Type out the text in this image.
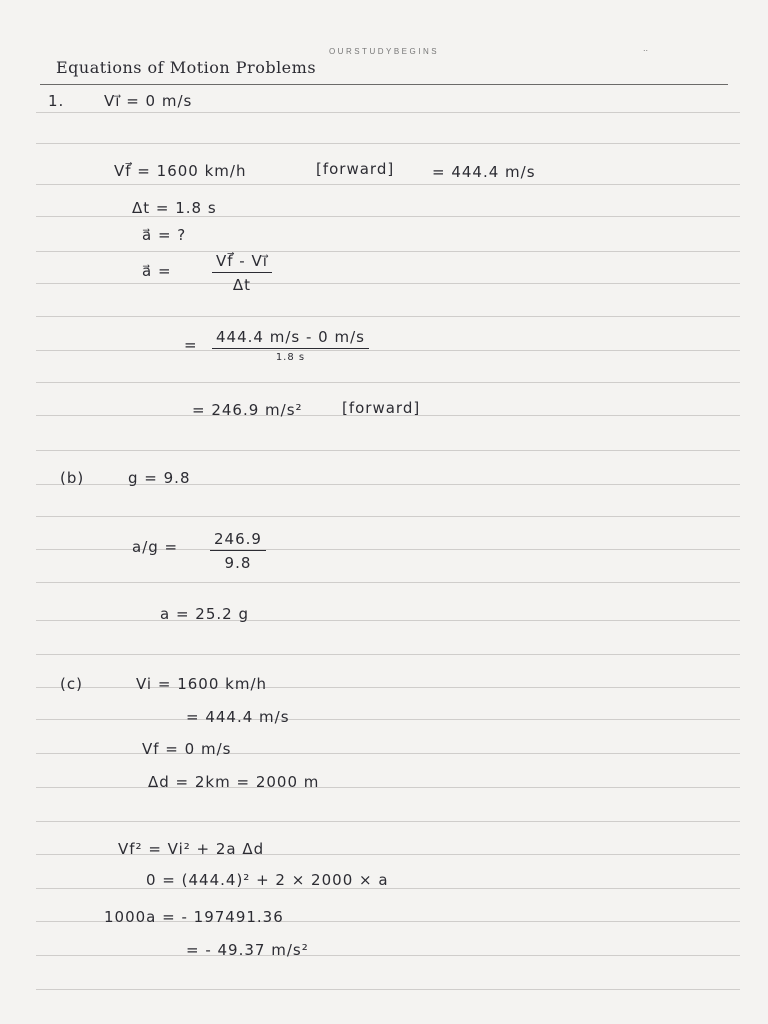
OURSTUDYBEGINS	..
Equations of Motion Problems
1.	Vi⃗ = 0 m/s
Vf⃗ = 1600 km/h	[forward]	= 444.4 m/s
Δt = 1.8 s
a⃗ = ?
a⃗ =
Vf⃗ - Vi⃗
Δt
= 444.4 m/s - 0 m/s
1.8 s
= 246.9 m/s²	[forward]
(b)	g = 9.8
a/g = 246.9
9.8
a = 25.2 g
(c)	Vi = 1600 km/h
= 444.4 m/s
Vf = 0 m/s
Δd = 2km = 2000 m
Vf² = Vi² + 2a Δd
0 = (444.4)² + 2 × 2000 × a
1000a = - 197491.36
= - 49.37 m/s²
